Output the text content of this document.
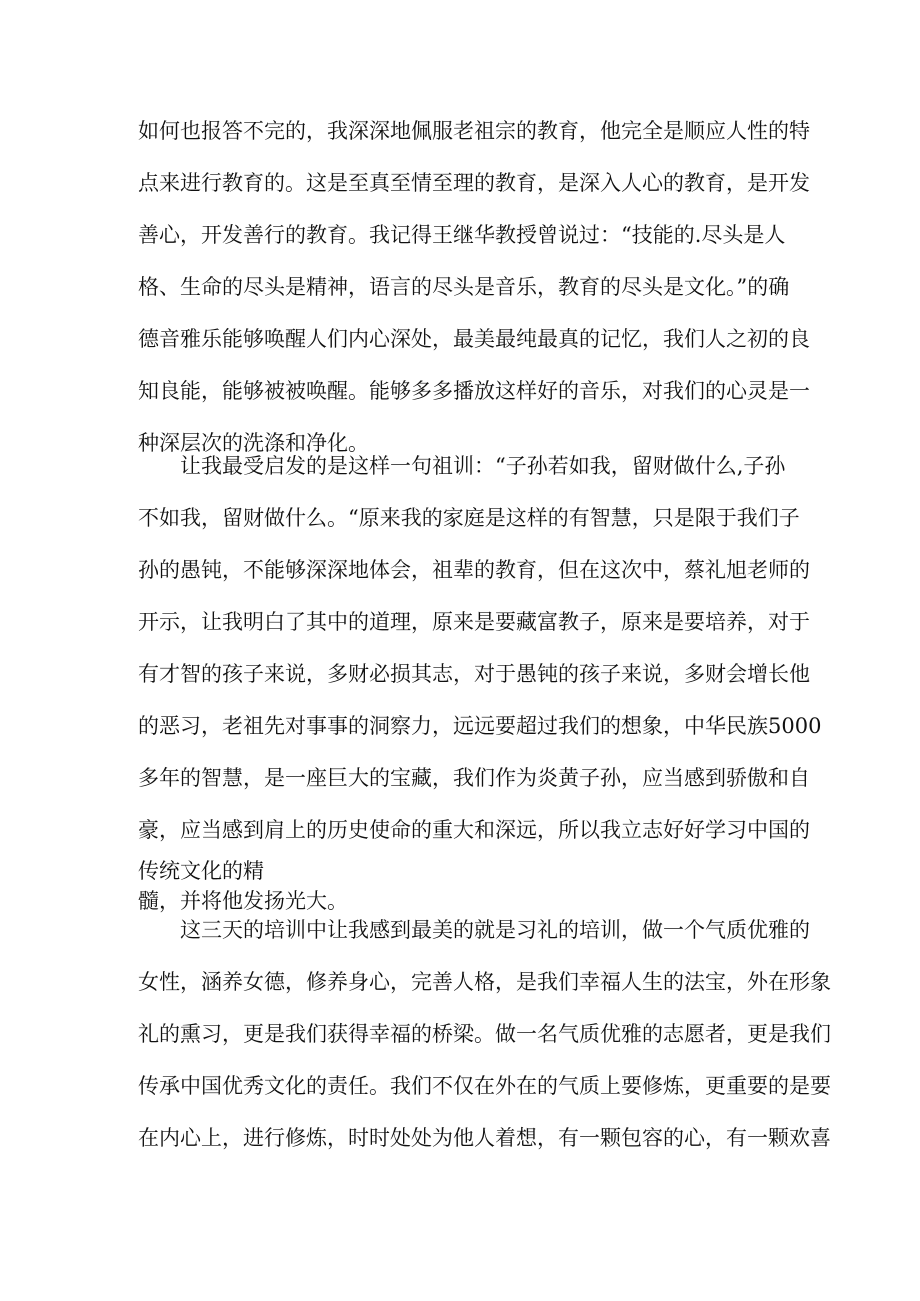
如何也报答不完的，我深深地佩服老祖宗的教育，他完全是顺应人性的特
点来进行教育的。这是至真至情至理的教育，是深入人心的教育，是开发
善心，开发善行的教育。我记得王继华教授曾说过：“技能的.尽头是人
格、生命的尽头是精神，语言的尽头是音乐，教育的尽头是文化。”的确
德音雅乐能够唤醒人们内心深处，最美最纯最真的记忆，我们人之初的良
知良能，能够被被唤醒。能够多多播放这样好的音乐，对我们的心灵是一
种深层次的洗涤和净化。
　　让我最受启发的是这样一句祖训：“子孙若如我，留财做什么,子孙
不如我，留财做什么。“原来我的家庭是这样的有智慧，只是限于我们子
孙的愚钝，不能够深深地体会，祖辈的教育，但在这次中，蔡礼旭老师的
开示，让我明白了其中的道理，原来是要藏富教子，原来是要培养，对于
有才智的孩子来说，多财必损其志，对于愚钝的孩子来说，多财会增长他
的恶习，老祖先对事事的洞察力，远远要超过我们的想象，中华民族5000
多年的智慧，是一座巨大的宝藏，我们作为炎黄子孙，应当感到骄傲和自
豪，应当感到肩上的历史使命的重大和深远，所以我立志好好学习中国的
传统文化的精
髓，并将他发扬光大。
　　这三天的培训中让我感到最美的就是习礼的培训，做一个气质优雅的
女性，涵养女德，修养身心，完善人格，是我们幸福人生的法宝，外在形象
礼的熏习，更是我们获得幸福的桥梁。做一名气质优雅的志愿者，更是我们
传承中国优秀文化的责任。我们不仅在外在的气质上要修炼，更重要的是要
在内心上，进行修炼，时时处处为他人着想，有一颗包容的心，有一颗欢喜
